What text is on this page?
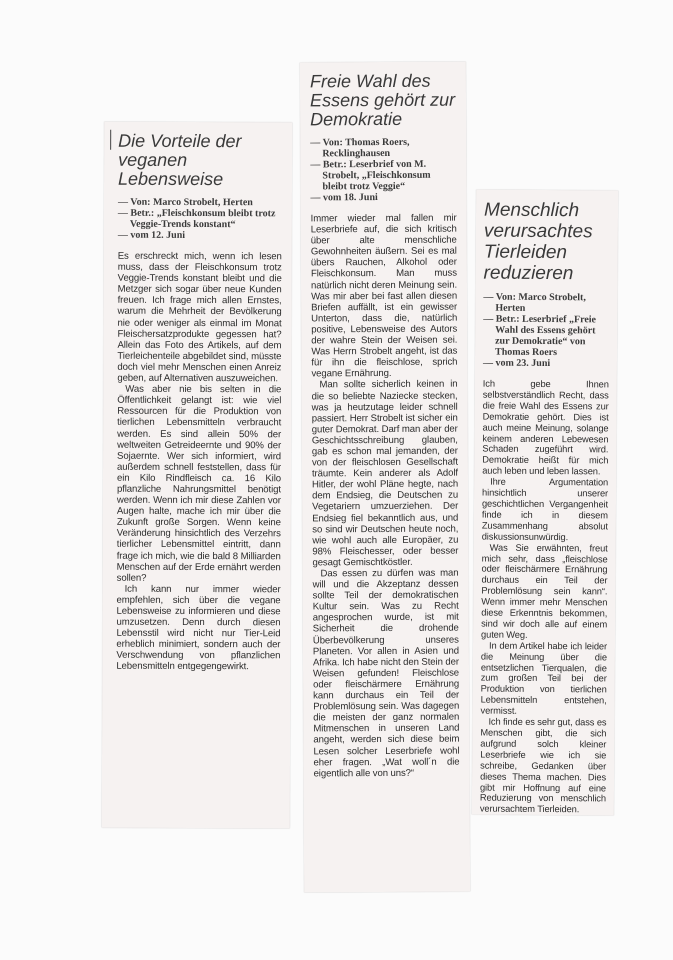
Die Vorteile der veganen Lebensweise
— Von: Marco Strobelt, Herten
— Betr.: „Fleischkonsum bleibt trotz Veggie-Trends konstant“
— vom 12. Juni

Es erschreckt mich, wenn ich lesen muss, dass der Fleischkonsum trotz Veggie-Trends konstant bleibt und die Metzger sich sogar über neue Kunden freuen. Ich frage mich allen Ernstes, warum die Mehrheit der Bevölkerung nie oder weniger als einmal im Monat Fleischersatzprodukte gegessen hat? Allein das Foto des Artikels, auf dem Tierleichenteile abgebildet sind, müsste doch viel mehr Menschen einen Anreiz geben, auf Alternativen auszuweichen.

Was aber nie bis selten in die Öffentlichkeit gelangt ist: wie viel Ressourcen für die Produktion von tierlichen Lebensmitteln verbraucht werden. Es sind allein 50% der weltweiten Getreideernte und 90% der Sojaernte. Wer sich informiert, wird außerdem schnell feststellen, dass für ein Kilo Rindfleisch ca. 16 Kilo pflanzliche Nahrungsmittel benötigt werden. Wenn ich mir diese Zahlen vor Augen halte, mache ich mir über die Zukunft große Sorgen. Wenn keine Veränderung hinsichtlich des Verzehrs tierlicher Lebensmittel eintritt, dann frage ich mich, wie die bald 8 Milliarden Menschen auf der Erde ernährt werden sollen?

Ich kann nur immer wieder empfehlen, sich über die vegane Lebensweise zu informieren und diese umzusetzen. Denn durch diesen Lebensstil wird nicht nur Tier-Leid erheblich minimiert, sondern auch der Verschwendung von pflanzlichen Lebensmitteln entgegengewirkt.

Freie Wahl des Essens gehört zur Demokratie
— Von: Thomas Roers, Recklinghausen
— Betr.: Leserbrief von M. Strobelt, „Fleischkonsum bleibt trotz Veggie“
— vom 18. Juni

Immer wieder mal fallen mir Leserbriefe auf, die sich kritisch über alte menschliche Gewohnheiten äußern. Sei es mal übers Rauchen, Alkohol oder Fleischkonsum. Man muss natürlich nicht deren Meinung sein. Was mir aber bei fast allen diesen Briefen auffällt, ist ein gewisser Unterton, dass die, natürlich positive, Lebensweise des Autors der wahre Stein der Weisen sei. Was Herrn Strobelt angeht, ist das für ihn die fleischlose, sprich vegane Ernährung.

Man sollte sicherlich keinen in die so beliebte Naziecke stecken, was ja heutzutage leider schnell passiert. Herr Strobelt ist sicher ein guter Demokrat. Darf man aber der Geschichtsschreibung glauben, gab es schon mal jemanden, der von der fleischlosen Gesellschaft träumte. Kein anderer als Adolf Hitler, der wohl Pläne hegte, nach dem Endsieg, die Deutschen zu Vegetariern umzuerziehen. Der Endsieg fiel bekanntlich aus, und so sind wir Deutschen heute noch, wie wohl auch alle Europäer, zu 98% Fleischesser, oder besser gesagt Gemischtköstler.

Das essen zu dürfen was man will und die Akzeptanz dessen sollte Teil der demokratischen Kultur sein. Was zu Recht angesprochen wurde, ist mit Sicherheit die drohende Überbevölkerung unseres Planeten. Vor allen in Asien und Afrika. Ich habe nicht den Stein der Weisen gefunden! Fleischlose oder fleischärmere Ernährung kann durchaus ein Teil der Problemlösung sein. Was dagegen die meisten der ganz normalen Mitmenschen in unseren Land angeht, werden sich diese beim Lesen solcher Leserbriefe wohl eher fragen. „Wat woll´n die eigentlich alle von uns?“

Menschlich verursachtes Tierleiden reduzieren
— Von: Marco Strobelt, Herten
— Betr.: Leserbrief „Freie Wahl des Essens gehört zur Demokratie“ von Thomas Roers
— vom 23. Juni

Ich gebe Ihnen selbstverständlich Recht, dass die freie Wahl des Essens zur Demokratie gehört. Dies ist auch meine Meinung, solange keinem anderen Lebewesen Schaden zugeführt wird. Demokratie heißt für mich auch leben und leben lassen.

Ihre Argumentation hinsichtlich unserer geschichtlichen Vergangenheit finde ich in diesem Zusammenhang absolut diskussionsunwürdig.

Was Sie erwähnten, freut mich sehr, dass „fleischlose oder fleischärmere Ernährung durchaus ein Teil der Problemlösung sein kann“. Wenn immer mehr Menschen diese Erkenntnis bekommen, sind wir doch alle auf einem guten Weg.

In dem Artikel habe ich leider die Meinung über die entsetzlichen Tierqualen, die zum großen Teil bei der Produktion von tierlichen Lebensmitteln entstehen, vermisst.

Ich finde es sehr gut, dass es Menschen gibt, die sich aufgrund solch kleiner Leserbriefe wie ich sie schreibe, Gedanken über dieses Thema machen. Dies gibt mir Hoffnung auf eine Reduzierung von menschlich verursachtem Tierleiden.
